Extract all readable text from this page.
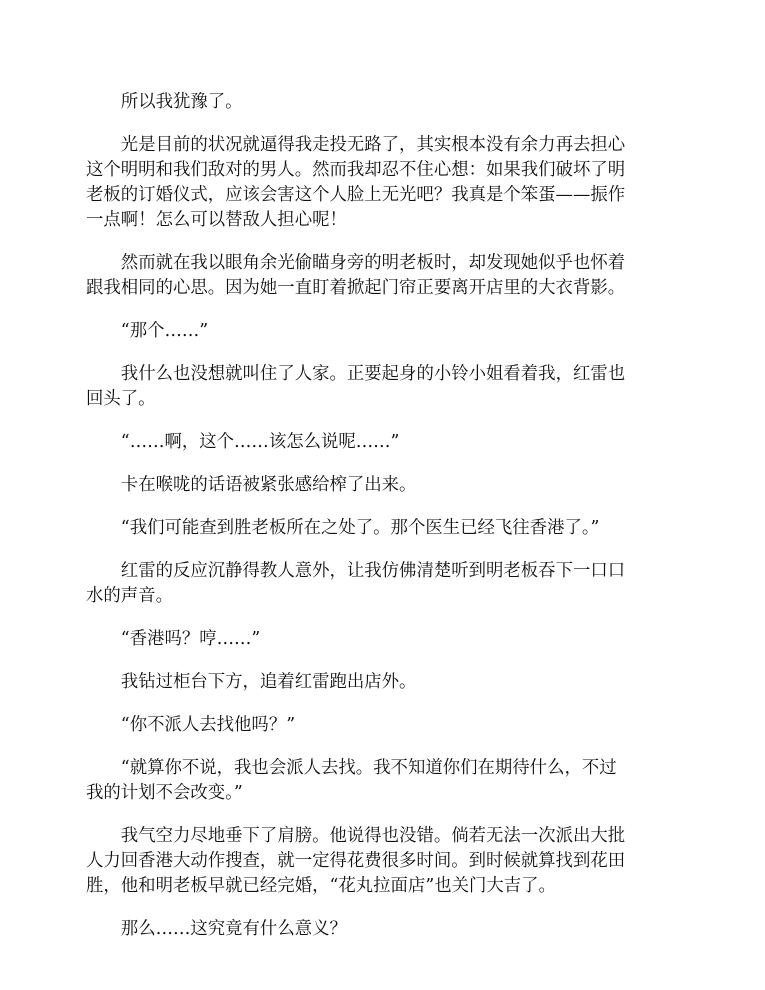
所以我犹豫了。

光是目前的状况就逼得我走投无路了，其实根本没有余力再去担心
这个明明和我们敌对的男人。然而我却忍不住心想：如果我们破坏了明
老板的订婚仪式，应该会害这个人脸上无光吧？我真是个笨蛋——振作
一点啊！怎么可以替敌人担心呢！

然而就在我以眼角余光偷瞄身旁的明老板时，却发现她似乎也怀着
跟我相同的心思。因为她一直盯着掀起门帘正要离开店里的大衣背影。

“那个……”

我什么也没想就叫住了人家。正要起身的小铃小姐看着我，红雷也
回头了。

“……啊，这个……该怎么说呢……”

卡在喉咙的话语被紧张感给榨了出来。

“我们可能查到胜老板所在之处了。那个医生已经飞往香港了。”

红雷的反应沉静得教人意外，让我仿佛清楚听到明老板吞下一口口
水的声音。

“香港吗？哼……”

我钻过柜台下方，追着红雷跑出店外。

“你不派人去找他吗？”

“就算你不说，我也会派人去找。我不知道你们在期待什么，不过
我的计划不会改变。”

我气空力尽地垂下了肩膀。他说得也没错。倘若无法一次派出大批
人力回香港大动作搜查，就一定得花费很多时间。到时候就算找到花田
胜，他和明老板早就已经完婚，“花丸拉面店”也关门大吉了。

那么……这究竟有什么意义？
